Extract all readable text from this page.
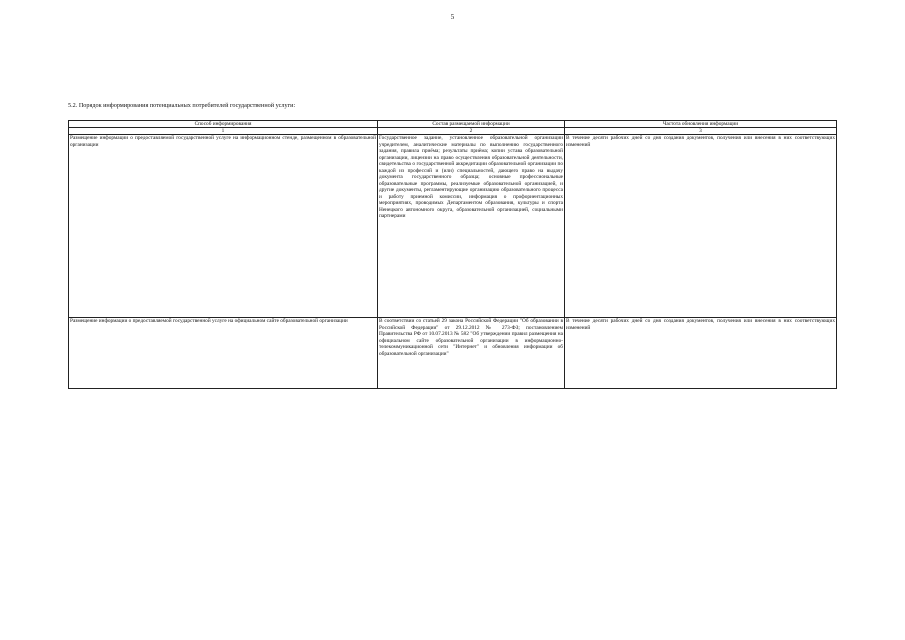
5
5.2. Порядок информирования потенциальных потребителей государственной услуги:
Способ информирования	Состав размещаемой информации	Частота обновления информации
1	2	3
Размещение информации о предоставляемой государственной услуге на информационном стенде, размещенном в образовательной организации	Государственное задание, установленное образовательной организации учредителем, аналитические материалы по выполнению государственного задания, правила приёма; результаты приёма; копии устава образовательной организации, лицензии на право осуществления образовательной деятельности, свидетельства о государственной аккредитации образовательной организации по каждой из профессий и (или) специальностей, дающего право на выдачу документа государственного образца; основные профессиональные образовательные программы, реализуемые образовательной организацией, и другие документы, регламентирующие организацию образовательного процесса и работу приемной комиссии, информация о профориентационных мероприятиях, проводимых Департаментом образования, культуры и спорта Ненецкого автономного округа, образовательной организацией, социальными партнерами	В течение десяти рабочих дней со дня создания документов, получения или внесения в них соответствующих изменений
Размещение информации о предоставляемой государственной услуге на официальном сайте образовательной организации	В соответствии со статьей 29 закона Российской Федерации "Об образовании в Российской Федерации" от 29.12.2012 № 273-ФЗ; постановлением Правительства РФ от 10.07.2013 № 582 "Об утверждении правил размещения на официальном сайте образовательной организации в информационно-телекоммуникационной сети "Интернет" и обновления информации об образовательной организации"	В течение десяти рабочих дней со дня создания документов, получения или внесения в них соответствующих изменений
